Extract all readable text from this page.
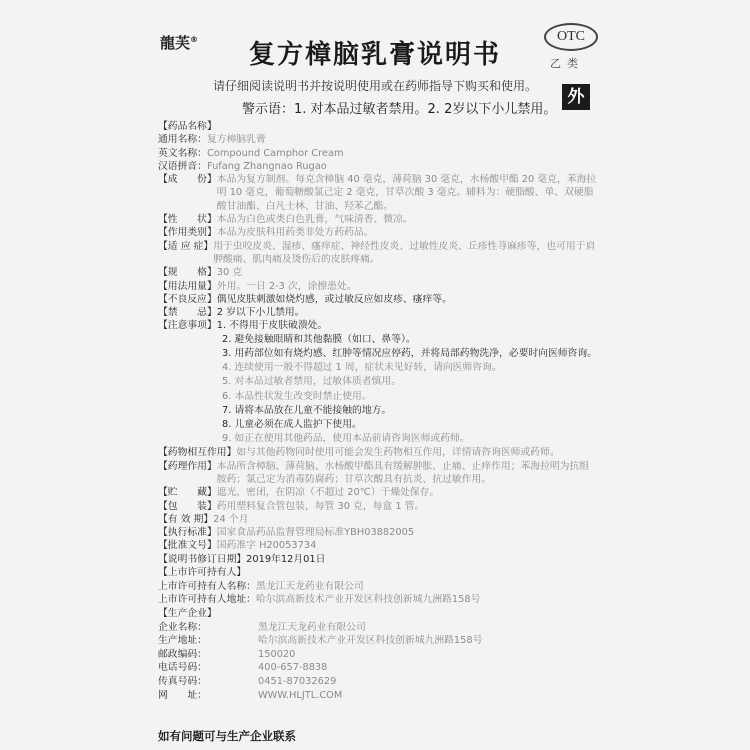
龍芙®
复方樟脑乳膏说明书
OTC
乙类
请仔细阅读说明书并按说明使用或在药师指导下购买和使用。
警示语：1. 对本品过敏者禁用。2. 2岁以下小儿禁用。
外
【药品名称】
通用名称： 复方樟脑乳膏
英文名称： Compound Camphor Cream
汉语拼音： Fufang Zhangnao Rugao
【成　　份】 本品为复方制剂。每克含樟脑 40 毫克，薄荷脑 30 毫克，水杨酸甲酯 20 毫克，苯海拉明 10 毫克，葡萄糖酸氯己定 2 毫克，甘草次酸 3 毫克。辅料为：硬脂酸、单、双硬脂酸甘油酯、白凡士林、甘油、羟苯乙酯。
【性　　状】 本品为白色或类白色乳膏，气味清香、微凉。
【作用类别】 本品为皮肤科用药类非处方药药品。
【适 应 症】 用于虫咬皮炎、湿疹、瘙痒症、神经性皮炎、过敏性皮炎、丘疹性荨麻疹等，也可用于肩胛酸痛、肌肉痛及烫伤后的皮肤疼痛。
【规　　格】 30 克
【用法用量】 外用。一日 2-3 次，涂擦患处。
【不良反应】 偶见皮肤刺激如烧灼感，或过敏反应如皮疹、瘙痒等。
【禁　　忌】 2 岁以下小儿禁用。
【注意事项】 1. 不得用于皮肤破溃处。
2. 避免接触眼睛和其他黏膜（如口、鼻等）。
3. 用药部位如有烧灼感、红肿等情况应停药，并将局部药物洗净，必要时向医师咨询。
4. 连续使用一般不得超过 1 周，症状未见好转，请向医师咨询。
5. 对本品过敏者禁用，过敏体质者慎用。
6. 本品性状发生改变时禁止使用。
7. 请将本品放在儿童不能接触的地方。
8. 儿童必须在成人监护下使用。
9. 如正在使用其他药品，使用本品前请咨询医师或药师。
【药物相互作用】 如与其他药物同时使用可能会发生药物相互作用，详情请咨询医师或药师。
【药理作用】 本品所含樟脑、薄荷脑、水杨酸甲酯具有缓解肿胀、止痛、止痒作用；苯海拉明为抗组胺药；氯己定为消毒防腐药；甘草次酸具有抗炎、抗过敏作用。
【贮　　藏】 遮光，密闭，在阴凉（不超过 20℃）干燥处保存。
【包　　装】 药用塑料复合管包装，每管 30 克，每盒 1 管。
【有 效 期】 24 个月
【执行标准】 国家食品药品监督管理局标准YBH03882005
【批准文号】 国药准字 H20053734
【说明书修订日期】 2019年12月01日
【上市许可持有人】
上市许可持有人名称： 黑龙江天龙药业有限公司
上市许可持有人地址： 哈尔滨高新技术产业开发区科技创新城九洲路158号
【生产企业】
企业名称：	黑龙江天龙药业有限公司
生产地址：	哈尔滨高新技术产业开发区科技创新城九洲路158号
邮政编码：	150020
电话号码：	400-657-8838
传真号码：	0451-87032629
网　　址：	WWW.HLJTL.COM
如有问题可与生产企业联系
